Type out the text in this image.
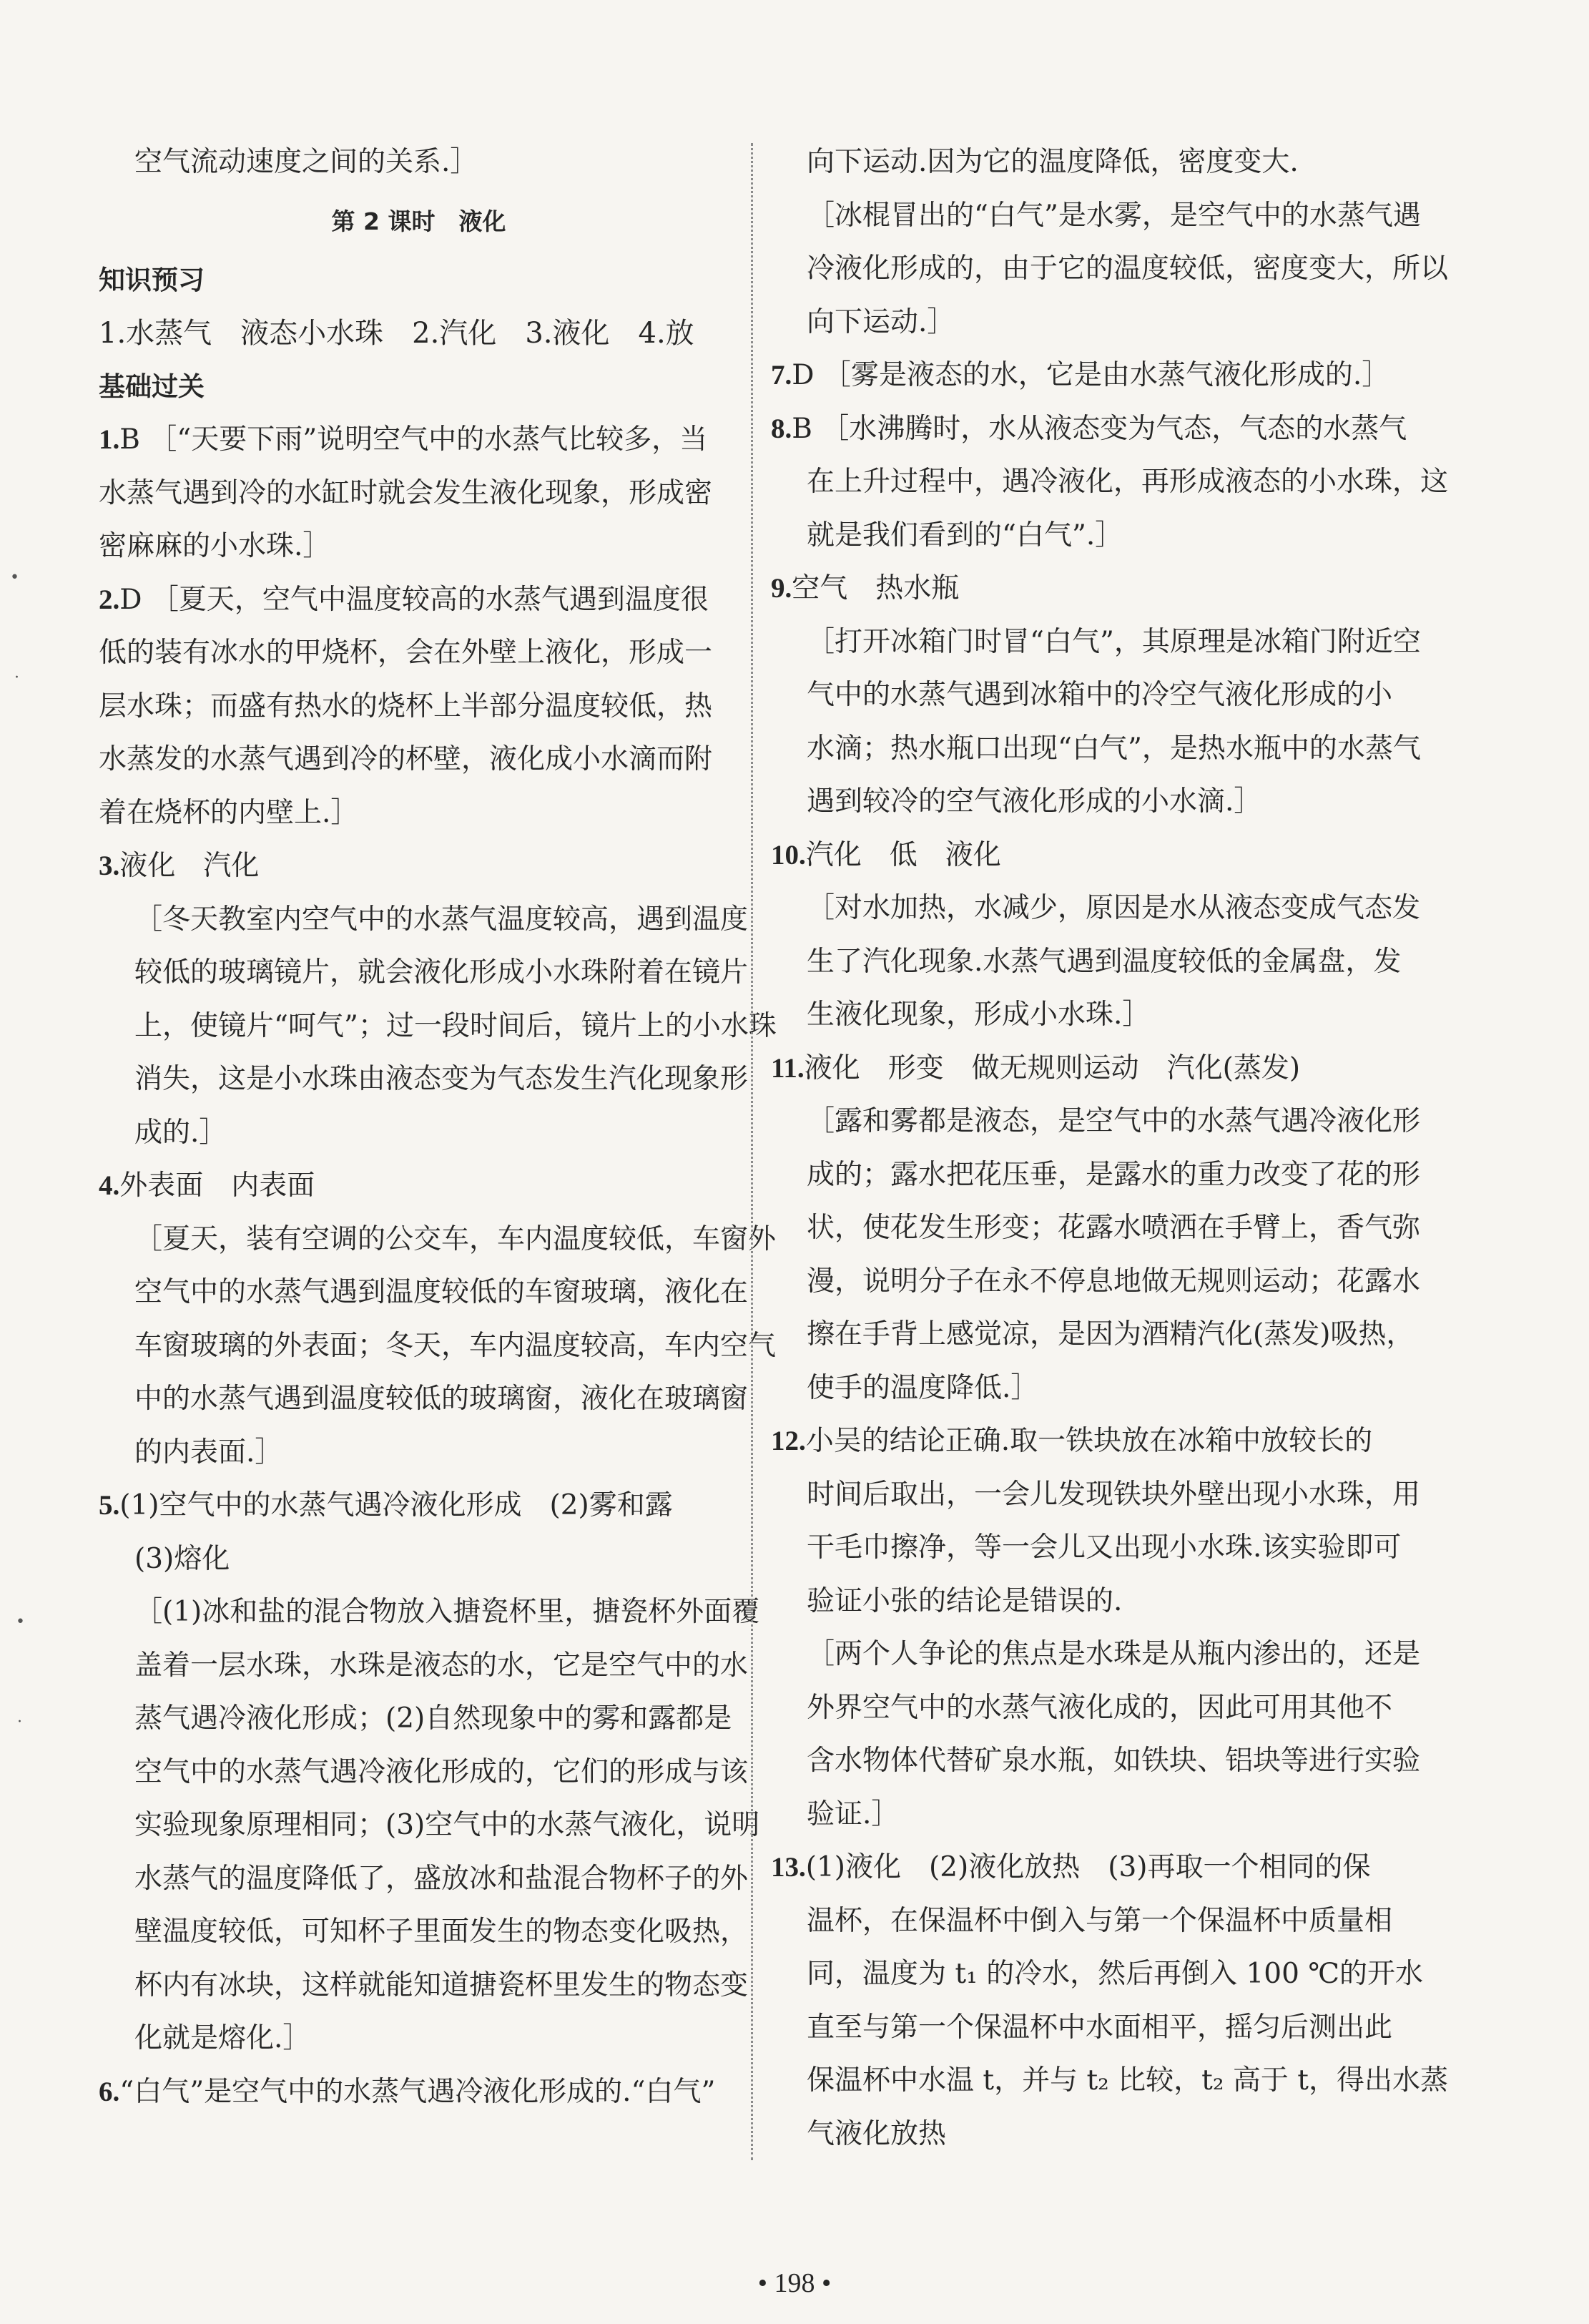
空气流动速度之间的关系.］
第 2 课时　液化
知识预习
1.水蒸气　液态小水珠　2.汽化　3.液化　4.放
基础过关
1.B ［“天要下雨”说明空气中的水蒸气比较多，当
水蒸气遇到冷的水缸时就会发生液化现象，形成密
密麻麻的小水珠.］
2.D ［夏天，空气中温度较高的水蒸气遇到温度很
低的装有冰水的甲烧杯，会在外壁上液化，形成一
层水珠；而盛有热水的烧杯上半部分温度较低，热
水蒸发的水蒸气遇到冷的杯壁，液化成小水滴而附
着在烧杯的内壁上.］
3.液化　汽化
［冬天教室内空气中的水蒸气温度较高，遇到温度
较低的玻璃镜片，就会液化形成小水珠附着在镜片
上，使镜片“呵气”；过一段时间后，镜片上的小水珠
消失，这是小水珠由液态变为气态发生汽化现象形
成的.］
4.外表面　内表面
［夏天，装有空调的公交车，车内温度较低，车窗外
空气中的水蒸气遇到温度较低的车窗玻璃，液化在
车窗玻璃的外表面；冬天，车内温度较高，车内空气
中的水蒸气遇到温度较低的玻璃窗，液化在玻璃窗
的内表面.］
5.(1)空气中的水蒸气遇冷液化形成　(2)雾和露
(3)熔化
［(1)冰和盐的混合物放入搪瓷杯里，搪瓷杯外面覆
盖着一层水珠，水珠是液态的水，它是空气中的水
蒸气遇冷液化形成；(2)自然现象中的雾和露都是
空气中的水蒸气遇冷液化形成的，它们的形成与该
实验现象原理相同；(3)空气中的水蒸气液化，说明
水蒸气的温度降低了，盛放冰和盐混合物杯子的外
壁温度较低，可知杯子里面发生的物态变化吸热，
杯内有冰块，这样就能知道搪瓷杯里发生的物态变
化就是熔化.］
6.“白气”是空气中的水蒸气遇冷液化形成的.“白气”
向下运动.因为它的温度降低，密度变大.
［冰棍冒出的“白气”是水雾，是空气中的水蒸气遇
冷液化形成的，由于它的温度较低，密度变大，所以
向下运动.］
7.D ［雾是液态的水，它是由水蒸气液化形成的.］
8.B ［水沸腾时，水从液态变为气态，气态的水蒸气
在上升过程中，遇冷液化，再形成液态的小水珠，这
就是我们看到的“白气”.］
9.空气　热水瓶
［打开冰箱门时冒“白气”，其原理是冰箱门附近空
气中的水蒸气遇到冰箱中的冷空气液化形成的小
水滴；热水瓶口出现“白气”，是热水瓶中的水蒸气
遇到较冷的空气液化形成的小水滴.］
10.汽化　低　液化
［对水加热，水减少，原因是水从液态变成气态发
生了汽化现象.水蒸气遇到温度较低的金属盘，发
生液化现象，形成小水珠.］
11.液化　形变　做无规则运动　汽化(蒸发)
［露和雾都是液态，是空气中的水蒸气遇冷液化形
成的；露水把花压垂，是露水的重力改变了花的形
状，使花发生形变；花露水喷洒在手臂上，香气弥
漫，说明分子在永不停息地做无规则运动；花露水
擦在手背上感觉凉，是因为酒精汽化(蒸发)吸热，
使手的温度降低.］
12.小吴的结论正确.取一铁块放在冰箱中放较长的
时间后取出，一会儿发现铁块外壁出现小水珠，用
干毛巾擦净，等一会儿又出现小水珠.该实验即可
验证小张的结论是错误的.
［两个人争论的焦点是水珠是从瓶内渗出的，还是
外界空气中的水蒸气液化成的，因此可用其他不
含水物体代替矿泉水瓶，如铁块、铝块等进行实验
验证.］
13.(1)液化　(2)液化放热　(3)再取一个相同的保
温杯，在保温杯中倒入与第一个保温杯中质量相
同，温度为 t₁ 的冷水，然后再倒入 100 ℃的开水
直至与第一个保温杯中水面相平，摇匀后测出此
保温杯中水温 t，并与 t₂ 比较，t₂ 高于 t，得出水蒸
气液化放热
•
·
•
·
• 198 •
